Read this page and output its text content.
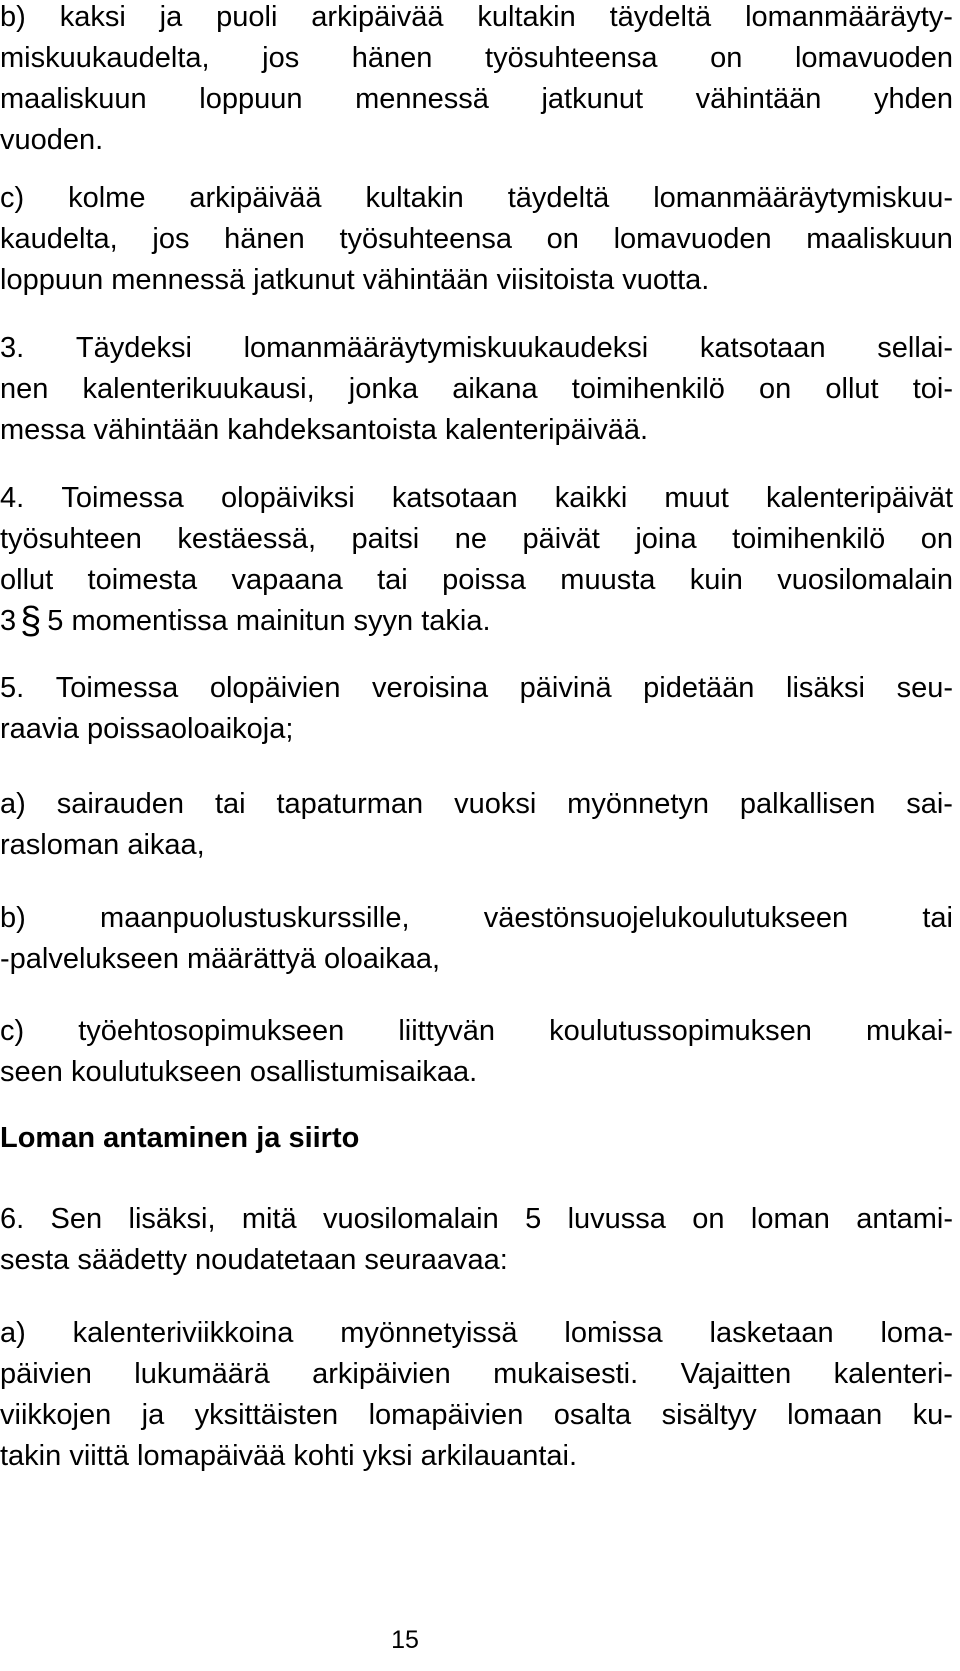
b) kaksi ja puoli arkipäivää kultakin täydeltä lomanmääräyty-
miskuukaudelta, jos hänen työsuhteensa on lomavuoden
maaliskuun loppuun mennessä jatkunut vähintään yhden
vuoden.
c) kolme arkipäivää kultakin täydeltä lomanmääräytymiskuu-
kaudelta, jos hänen työsuhteensa on lomavuoden maaliskuun
loppuun mennessä jatkunut vähintään viisitoista vuotta.
3. Täydeksi lomanmääräytymiskuukaudeksi katsotaan sellai-
nen kalenterikuukausi, jonka aikana toimihenkilö on ollut toi-
messa vähintään kahdeksantoista kalenteripäivää.
4. Toimessa olopäiviksi katsotaan kaikki muut kalenteripäivät
työsuhteen kestäessä, paitsi ne päivät joina toimihenkilö on
ollut toimesta vapaana tai poissa muusta kuin vuosilomalain
3 § 5 momentissa mainitun syyn takia.
5. Toimessa olopäivien veroisina päivinä pidetään lisäksi seu-
raavia poissaoloaikoja;
a) sairauden tai tapaturman vuoksi myönnetyn palkallisen sai-
rasloman aikaa,
b)	maanpuolustuskurssille,	väestönsuojelukoulutukseen	tai
-palvelukseen määrättyä oloaikaa,
c) työehtosopimukseen liittyvän koulutussopimuksen mukai-
seen koulutukseen osallistumisaikaa.
Loman antaminen ja siirto
6. Sen lisäksi, mitä vuosilomalain 5 luvussa on loman antami-
sesta säädetty noudatetaan seuraavaa:
a) kalenteriviikkoina myönnetyissä lomissa lasketaan loma-
päivien lukumäärä arkipäivien mukaisesti. Vajaitten kalenteri-
viikkojen ja yksittäisten lomapäivien osalta sisältyy lomaan ku-
takin viittä lomapäivää kohti yksi arkilauantai.
15
